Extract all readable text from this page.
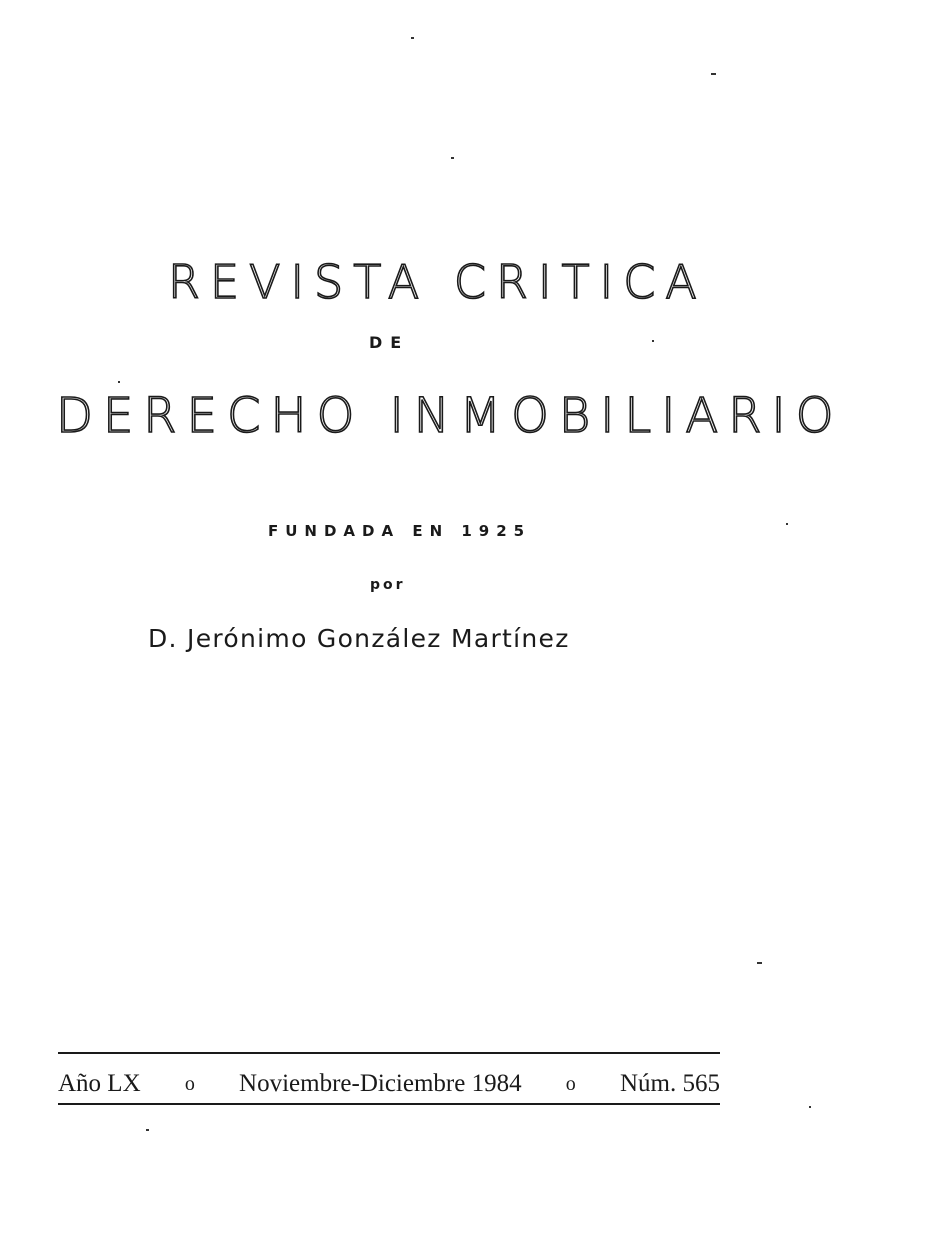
REVISTA CRITICA
DE
DERECHO INMOBILIARIO
FUNDADA EN 1925
por
D. Jerónimo González Martínez
Año LX o Noviembre-Diciembre 1984 o Núm. 565
